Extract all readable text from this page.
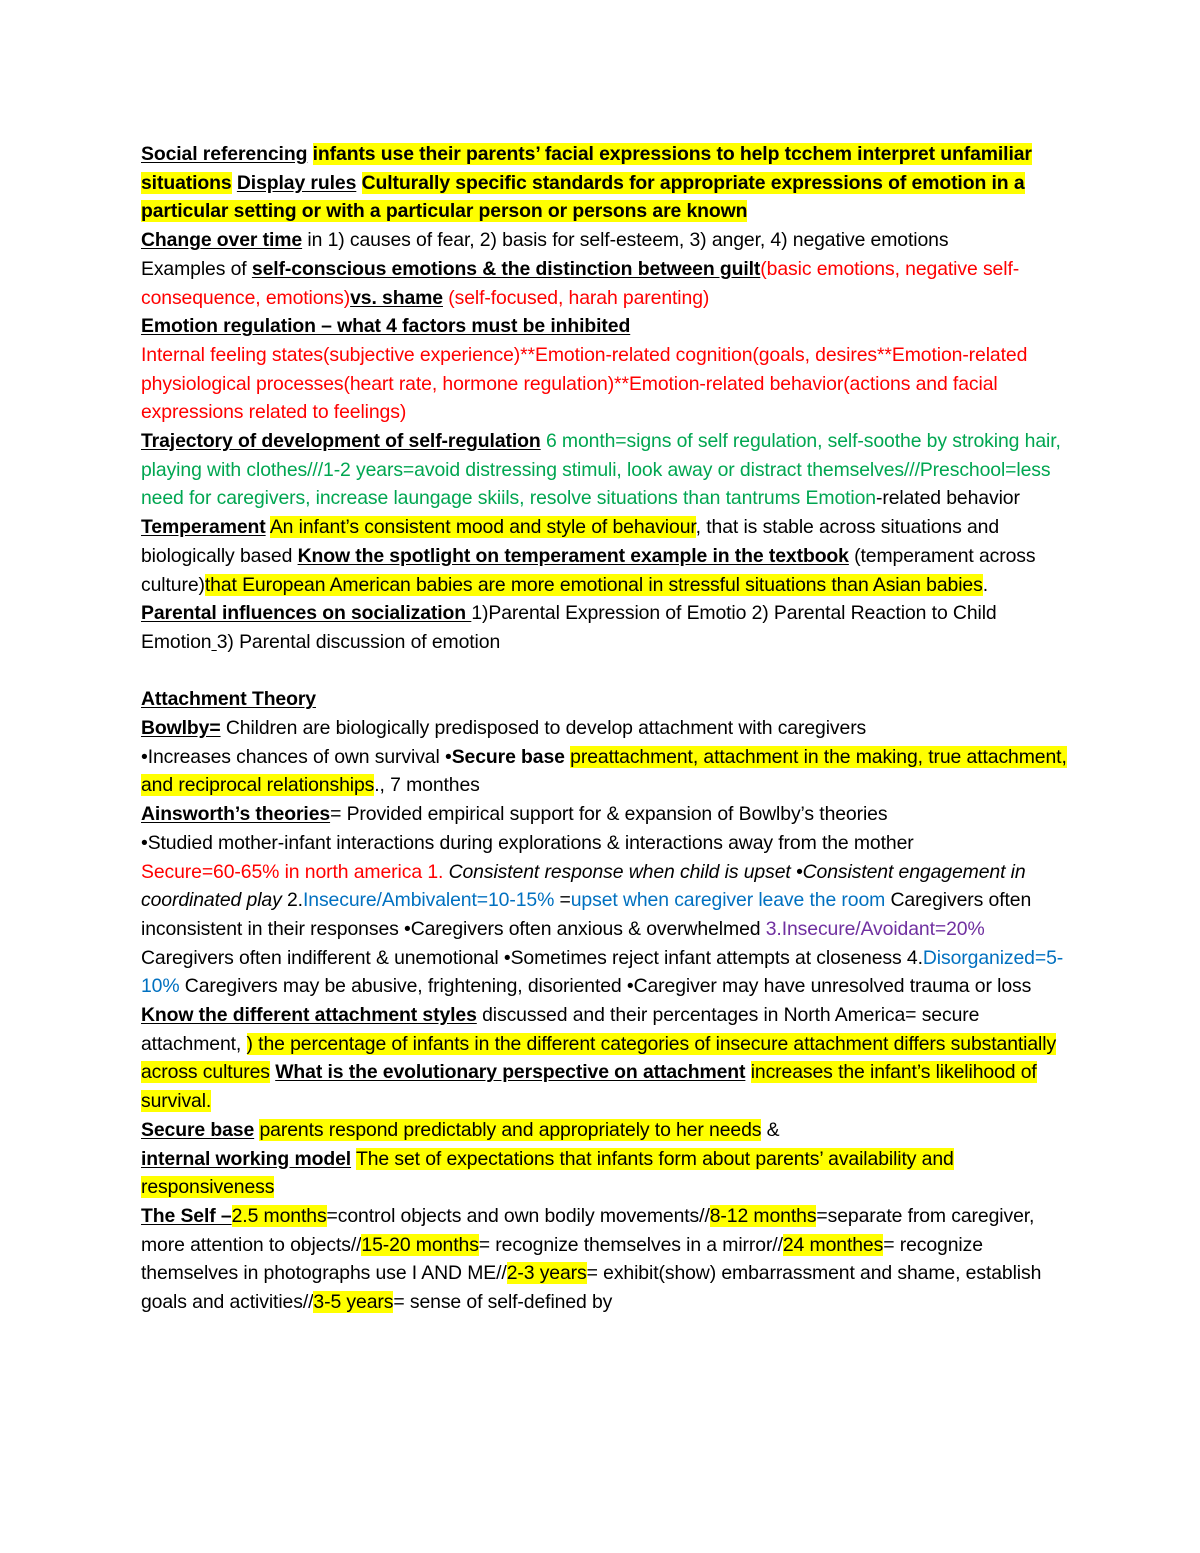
Social referencing infants use their parents’ facial expressions to help tcchem interpret unfamiliar situations Display rules Culturally specific standards for appropriate expressions of emotion in a particular setting or with a particular person or persons are known

Change over time in 1) causes of fear, 2) basis for self-esteem, 3) anger, 4) negative emotions

Examples of self-conscious emotions & the distinction between guilt(basic emotions, negative self-consequence, emotions)vs. shame (self-focused, harah parenting)

Emotion regulation – what 4 factors must be inhibited

Internal feeling states(subjective experience)**Emotion-related cognition(goals, desires**Emotion-related physiological processes(heart rate, hormone regulation)**Emotion-related behavior(actions and facial expressions related to feelings)

Trajectory of development of self-regulation 6 month=signs of self regulation, self-soothe by stroking hair, playing with clothes///1-2 years=avoid distressing stimuli, look away or distract themselves///Preschool=less need for caregivers, increase laungage skiils, resolve situations than tantrums Emotion-related behavior

Temperament An infant’s consistent mood and style of behaviour, that is stable across situations and biologically based Know the spotlight on temperament example in the textbook (temperament across culture)that European American babies are more emotional in stressful situations than Asian babies.

Parental influences on socialization 1)Parental Expression of Emotio 2) Parental Reaction to Child Emotion 3) Parental discussion of emotion

Attachment Theory

Bowlby= Children are biologically predisposed to develop attachment with caregivers

•Increases chances of own survival •Secure base preattachment, attachment in the making, true attachment, and reciprocal relationships., 7 monthes

Ainsworth’s theories= Provided empirical support for & expansion of Bowlby’s theories

•Studied mother-infant interactions during explorations & interactions away from the mother

Secure=60-65% in north america 1. Consistent response when child is upset •Consistent engagement in coordinated play 2.Insecure/Ambivalent=10-15% =upset when caregiver leave the room Caregivers often inconsistent in their responses •Caregivers often anxious & overwhelmed 3.Insecure/Avoidant=20% Caregivers often indifferent & unemotional •Sometimes reject infant attempts at closeness 4.Disorganized=5-10% Caregivers may be abusive, frightening, disoriented •Caregiver may have unresolved trauma or loss

Know the different attachment styles discussed and their percentages in North America= secure attachment, ) the percentage of infants in the different categories of insecure attachment differs substantially across cultures What is the evolutionary perspective on attachment increases the infant’s likelihood of survival.

Secure base parents respond predictably and appropriately to her needs &

internal working model The set of expectations that infants form about parents’ availability and responsiveness

The Self –2.5 months=control objects and own bodily movements//8-12 months=separate from caregiver, more attention to objects//15-20 months= recognize themselves in a mirror//24 monthes= recognize themselves in photographs use I AND ME//2-3 years= exhibit(show) embarrassment and shame, establish goals and activities//3-5 years= sense of self-defined by
